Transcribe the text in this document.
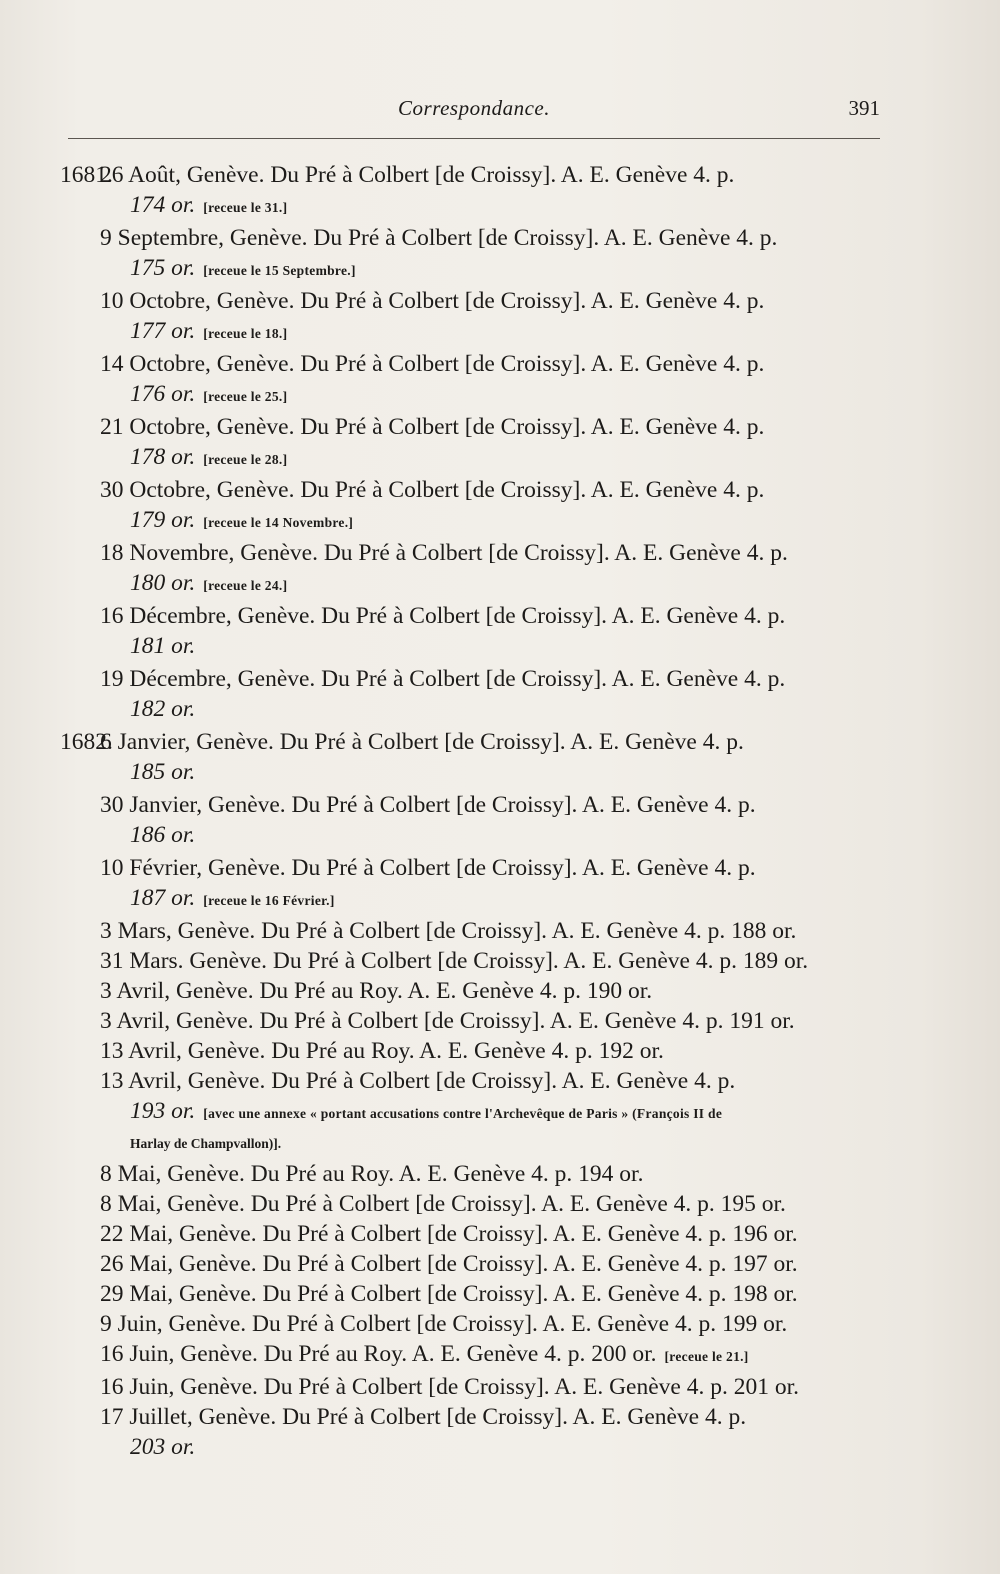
Correspondance.	391
1681.
26 Août, Genève. Du Pré à Colbert [de Croissy]. A. E. Genève 4. p.
174 or. [receue le 31.]
9 Septembre, Genève. Du Pré à Colbert [de Croissy]. A. E. Genève 4. p.
175 or. [receue le 15 Septembre.]
10 Octobre, Genève. Du Pré à Colbert [de Croissy]. A. E. Genève 4. p.
177 or. [receue le 18.]
14 Octobre, Genève. Du Pré à Colbert [de Croissy]. A. E. Genève 4. p.
176 or. [receue le 25.]
21 Octobre, Genève. Du Pré à Colbert [de Croissy]. A. E. Genève 4. p.
178 or. [receue le 28.]
30 Octobre, Genève. Du Pré à Colbert [de Croissy]. A. E. Genève 4. p.
179 or. [receue le 14 Novembre.]
18 Novembre, Genève. Du Pré à Colbert [de Croissy]. A. E. Genève 4. p.
180 or. [receue le 24.]
16 Décembre, Genève. Du Pré à Colbert [de Croissy]. A. E. Genève 4. p.
181 or.
19 Décembre, Genève. Du Pré à Colbert [de Croissy]. A. E. Genève 4. p.
182 or.
1682.
6 Janvier, Genève. Du Pré à Colbert [de Croissy]. A. E. Genève 4. p.
185 or.
30 Janvier, Genève. Du Pré à Colbert [de Croissy]. A. E. Genève 4. p.
186 or.
10 Février, Genève. Du Pré à Colbert [de Croissy]. A. E. Genève 4. p.
187 or. [receue le 16 Février.]
3 Mars, Genève. Du Pré à Colbert [de Croissy]. A. E. Genève 4. p. 188 or.
31 Mars. Genève. Du Pré à Colbert [de Croissy]. A. E. Genève 4. p. 189 or.
3 Avril, Genève. Du Pré au Roy. A. E. Genève 4. p. 190 or.
3 Avril, Genève. Du Pré à Colbert [de Croissy]. A. E. Genève 4. p. 191 or.
13 Avril, Genève. Du Pré au Roy. A. E. Genève 4. p. 192 or.
13 Avril, Genève. Du Pré à Colbert [de Croissy]. A. E. Genève 4. p.
193 or. [avec une annexe « portant accusations contre l'Archevêque de Paris » (François II de
Harlay de Champvallon)].
8 Mai, Genève. Du Pré au Roy. A. E. Genève 4. p. 194 or.
8 Mai, Genève. Du Pré à Colbert [de Croissy]. A. E. Genève 4. p. 195 or.
22 Mai, Genève. Du Pré à Colbert [de Croissy]. A. E. Genève 4. p. 196 or.
26 Mai, Genève. Du Pré à Colbert [de Croissy]. A. E. Genève 4. p. 197 or.
29 Mai, Genève. Du Pré à Colbert [de Croissy]. A. E. Genève 4. p. 198 or.
9 Juin, Genève. Du Pré à Colbert [de Croissy]. A. E. Genève 4. p. 199 or.
16 Juin, Genève. Du Pré au Roy. A. E. Genève 4. p. 200 or. [receue le 21.]
16 Juin, Genève. Du Pré à Colbert [de Croissy]. A. E. Genève 4. p. 201 or.
17 Juillet, Genève. Du Pré à Colbert [de Croissy]. A. E. Genève 4. p.
203 or.
